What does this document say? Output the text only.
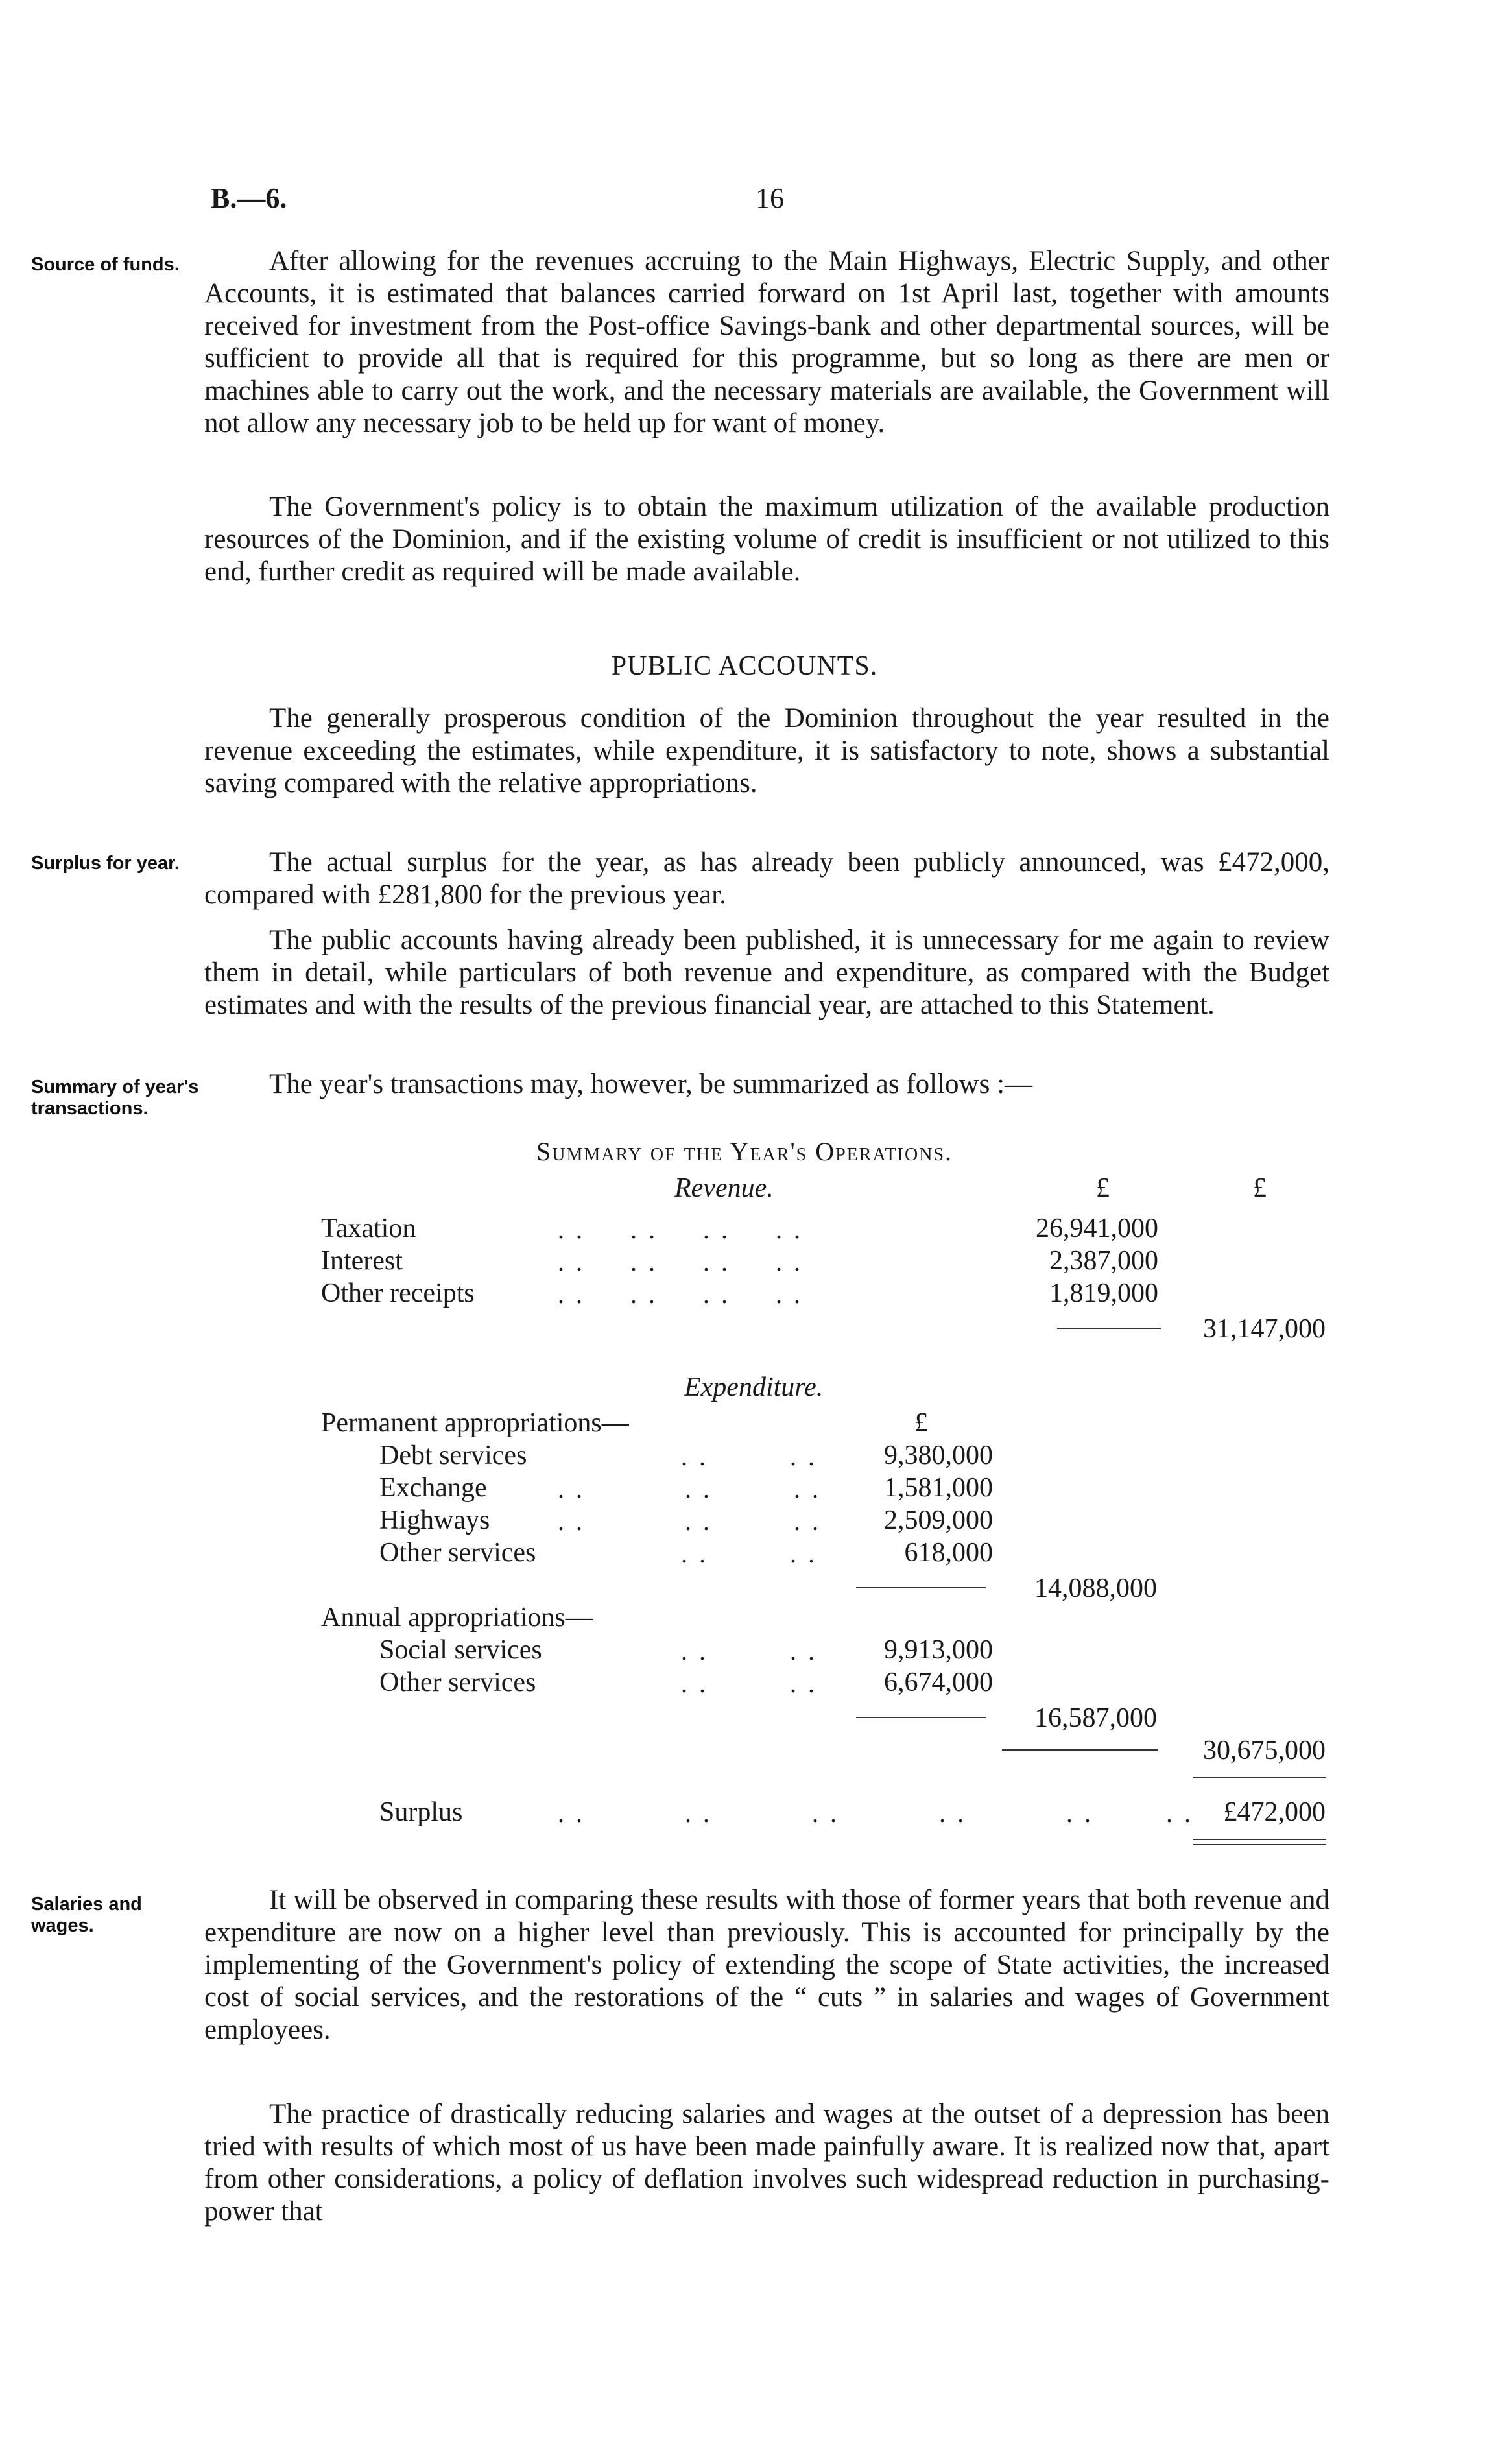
B.—6.	16
Source of funds.
Surplus for year.
Summary of year's transactions.
Salaries and wages.

After allowing for the revenues accruing to the Main Highways, Electric Supply, and other Accounts, it is estimated that balances carried forward on 1st April last, together with amounts received for investment from the Post-office Savings-bank and other departmental sources, will be sufficient to provide all that is required for this programme, but so long as there are men or machines able to carry out the work, and the necessary materials are available, the Government will not allow any necessary job to be held up for want of money.

The Government's policy is to obtain the maximum utilization of the available production resources of the Dominion, and if the existing volume of credit is insufficient or not utilized to this end, further credit as required will be made available.

PUBLIC ACCOUNTS.

The generally prosperous condition of the Dominion throughout the year resulted in the revenue exceeding the estimates, while expenditure, it is satisfactory to note, shows a substantial saving compared with the relative appropriations.

The actual surplus for the year, as has already been publicly announced, was £472,000, compared with £281,800 for the previous year.

The public accounts having already been published, it is unnecessary for me again to review them in detail, while particulars of both revenue and expenditure, as compared with the Budget estimates and with the results of the previous financial year, are attached to this Statement.

The year's transactions may, however, be summarized as follows :—

Summary of the Year's Operations.
Revenue.	£	£
Taxation	. .     . .     . .     . .	26,941,000
Interest	. .     . .     . .     . .	2,387,000
Other receipts	. .     . .     . .     . .	1,819,000
31,147,000
Expenditure.
Permanent appropriations—	£
Debt services	. .         . . 9,380,000
Exchange	. .           . .         . . 1,581,000
Highways	. .           . .         . . 2,509,000
Other services	. .         . .	618,000
14,088,000
Annual appropriations—
Social services	. .         . . 9,913,000
Other services	. .         . . 6,674,000
16,587,000
30,675,000
Surplus	. .           . .           . .           . .           . .        . . £472,000

It will be observed in comparing these results with those of former years that both revenue and expenditure are now on a higher level than previously. This is accounted for principally by the implementing of the Government's policy of extending the scope of State activities, the increased cost of social services, and the restorations of the “ cuts ” in salaries and wages of Government employees.

The practice of drastically reducing salaries and wages at the outset of a depression has been tried with results of which most of us have been made painfully aware. It is realized now that, apart from other considerations, a policy of deflation involves such widespread reduction in purchasing-power that
